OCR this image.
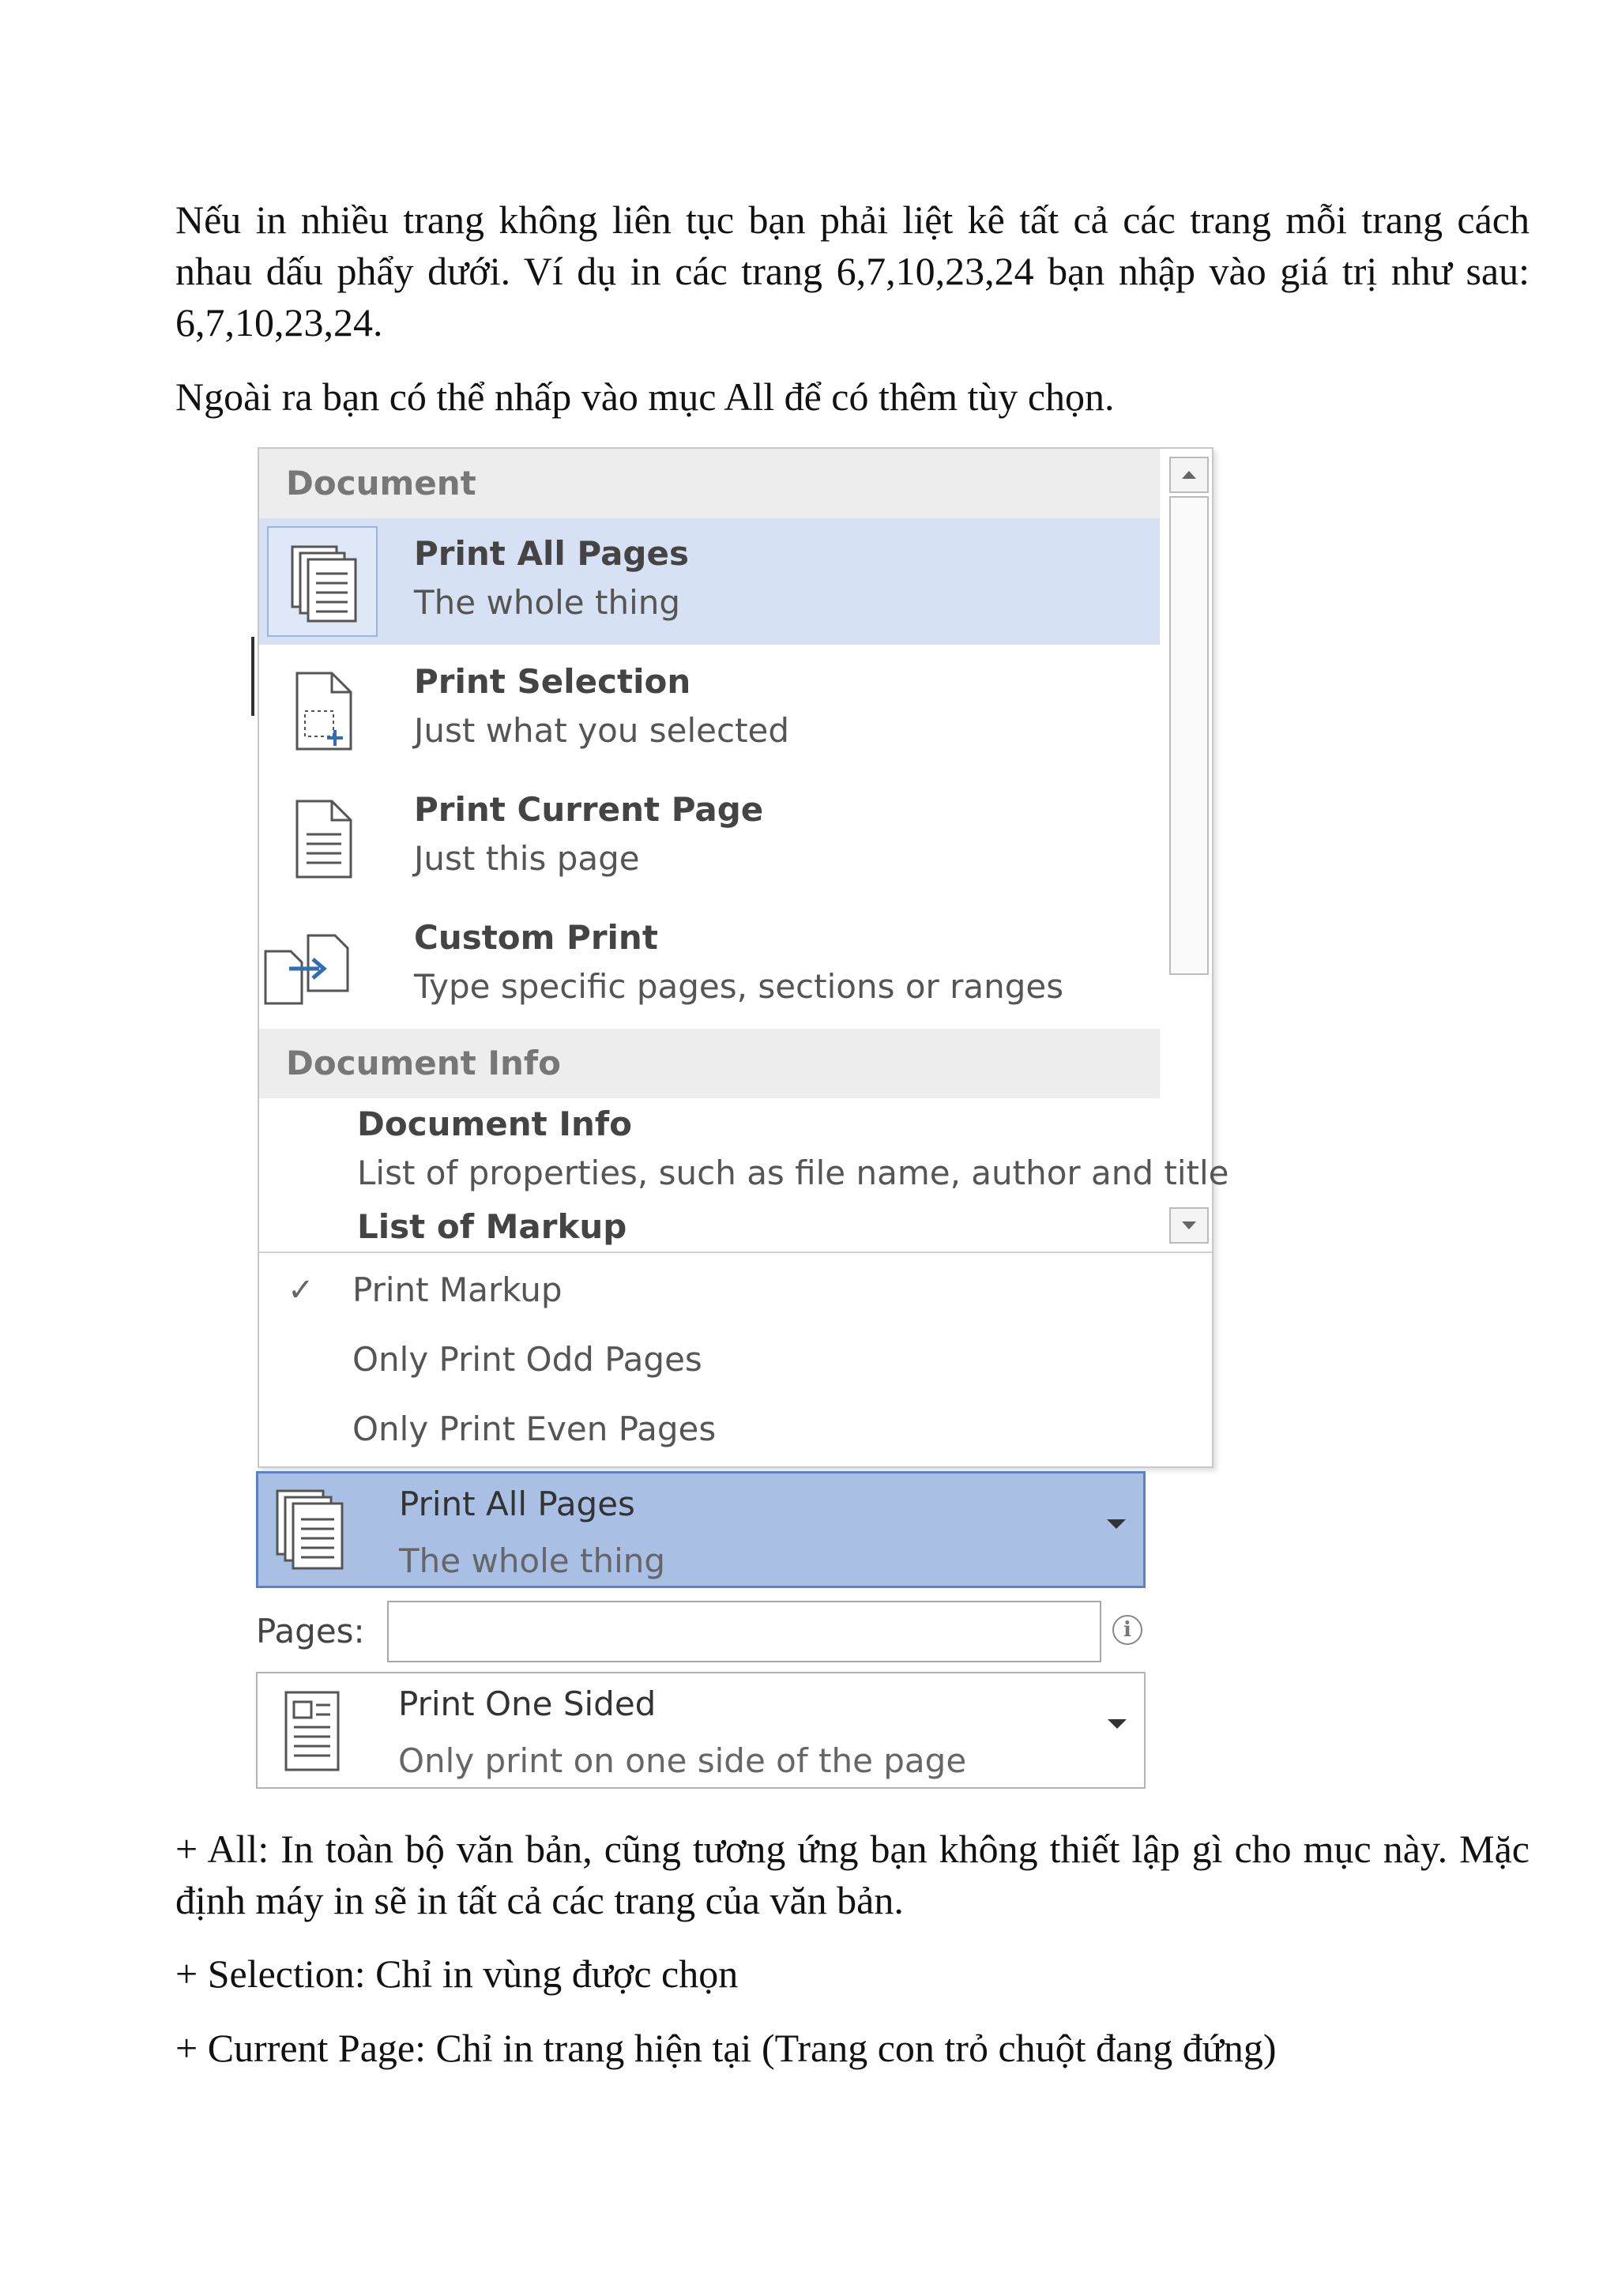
Nếu in nhiều trang không liên tục bạn phải liệt kê tất cả các trang mỗi trang cách nhau dấu phẩy dưới. Ví dụ in các trang 6,7,10,23,24 bạn nhập vào giá trị như sau: 6,7,10,23,24.

Ngoài ra bạn có thể nhấp vào mục All để có thêm tùy chọn.

Document
Print All Pages
The whole thing
Print Selection
Just what you selected
Print Current Page
Just this page
Custom Print
Type specific pages, sections or ranges
Document Info
Document Info
List of properties, such as file name, author and title
List of Markup
✓ Print Markup
Only Print Odd Pages
Only Print Even Pages
Print All Pages
The whole thing
Pages:	i
Print One Sided
Only print on one side of the page

+ All: In toàn bộ văn bản, cũng tương ứng bạn không thiết lập gì cho mục này. Mặc định máy in sẽ in tất cả các trang của văn bản.

+ Selection: Chỉ in vùng được chọn

+ Current Page: Chỉ in trang hiện tại (Trang con trỏ chuột đang đứng)
